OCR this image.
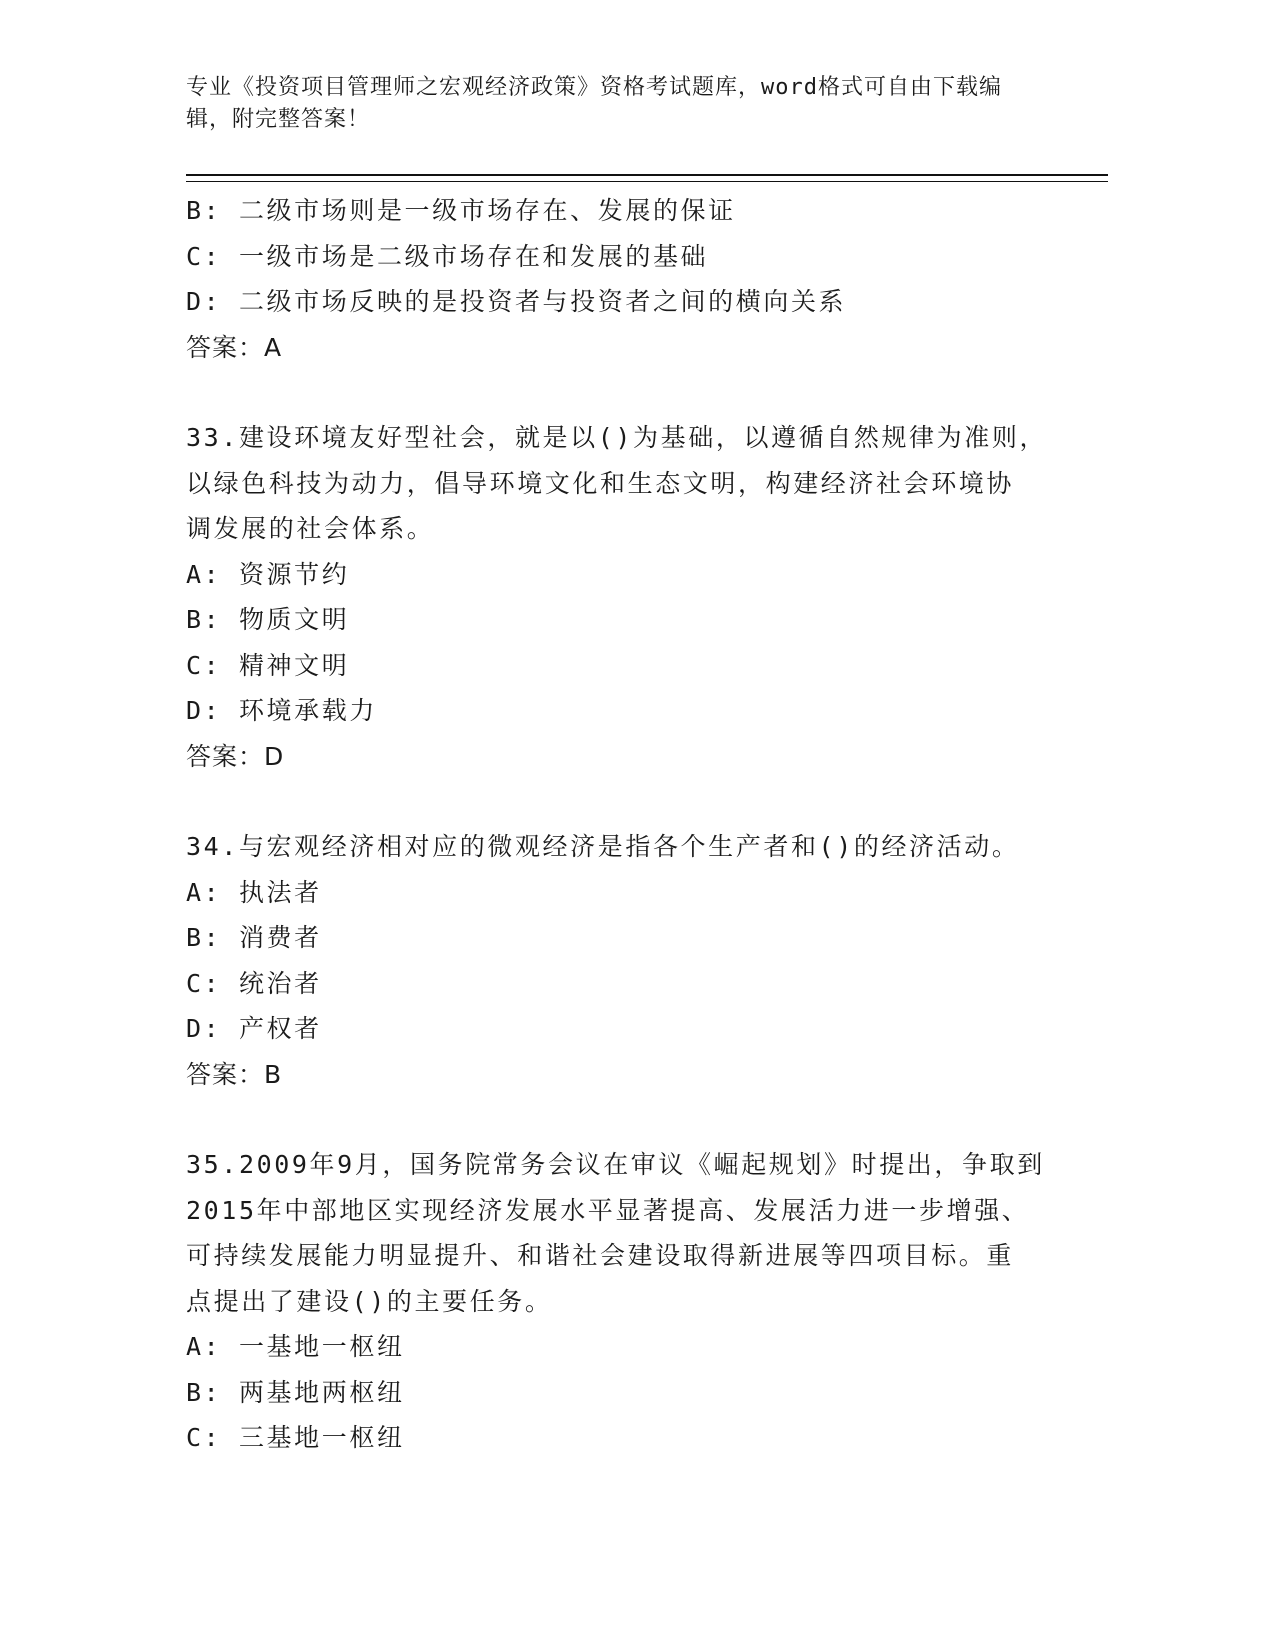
专业《投资项目管理师之宏观经济政策》资格考试题库，word格式可自由下载编
辑，附完整答案！
B: 二级市场则是一级市场存在、发展的保证
C: 一级市场是二级市场存在和发展的基础
D: 二级市场反映的是投资者与投资者之间的横向关系
答案：A
33.建设环境友好型社会，就是以()为基础，以遵循自然规律为准则，
以绿色科技为动力，倡导环境文化和生态文明，构建经济社会环境协
调发展的社会体系。
A: 资源节约
B: 物质文明
C: 精神文明
D: 环境承载力
答案：D
34.与宏观经济相对应的微观经济是指各个生产者和()的经济活动。
A: 执法者
B: 消费者
C: 统治者
D: 产权者
答案：B
35.2009年9月，国务院常务会议在审议《崛起规划》时提出，争取到
2015年中部地区实现经济发展水平显著提高、发展活力进一步增强、
可持续发展能力明显提升、和谐社会建设取得新进展等四项目标。重
点提出了建设()的主要任务。
A: 一基地一枢纽
B: 两基地两枢纽
C: 三基地一枢纽
